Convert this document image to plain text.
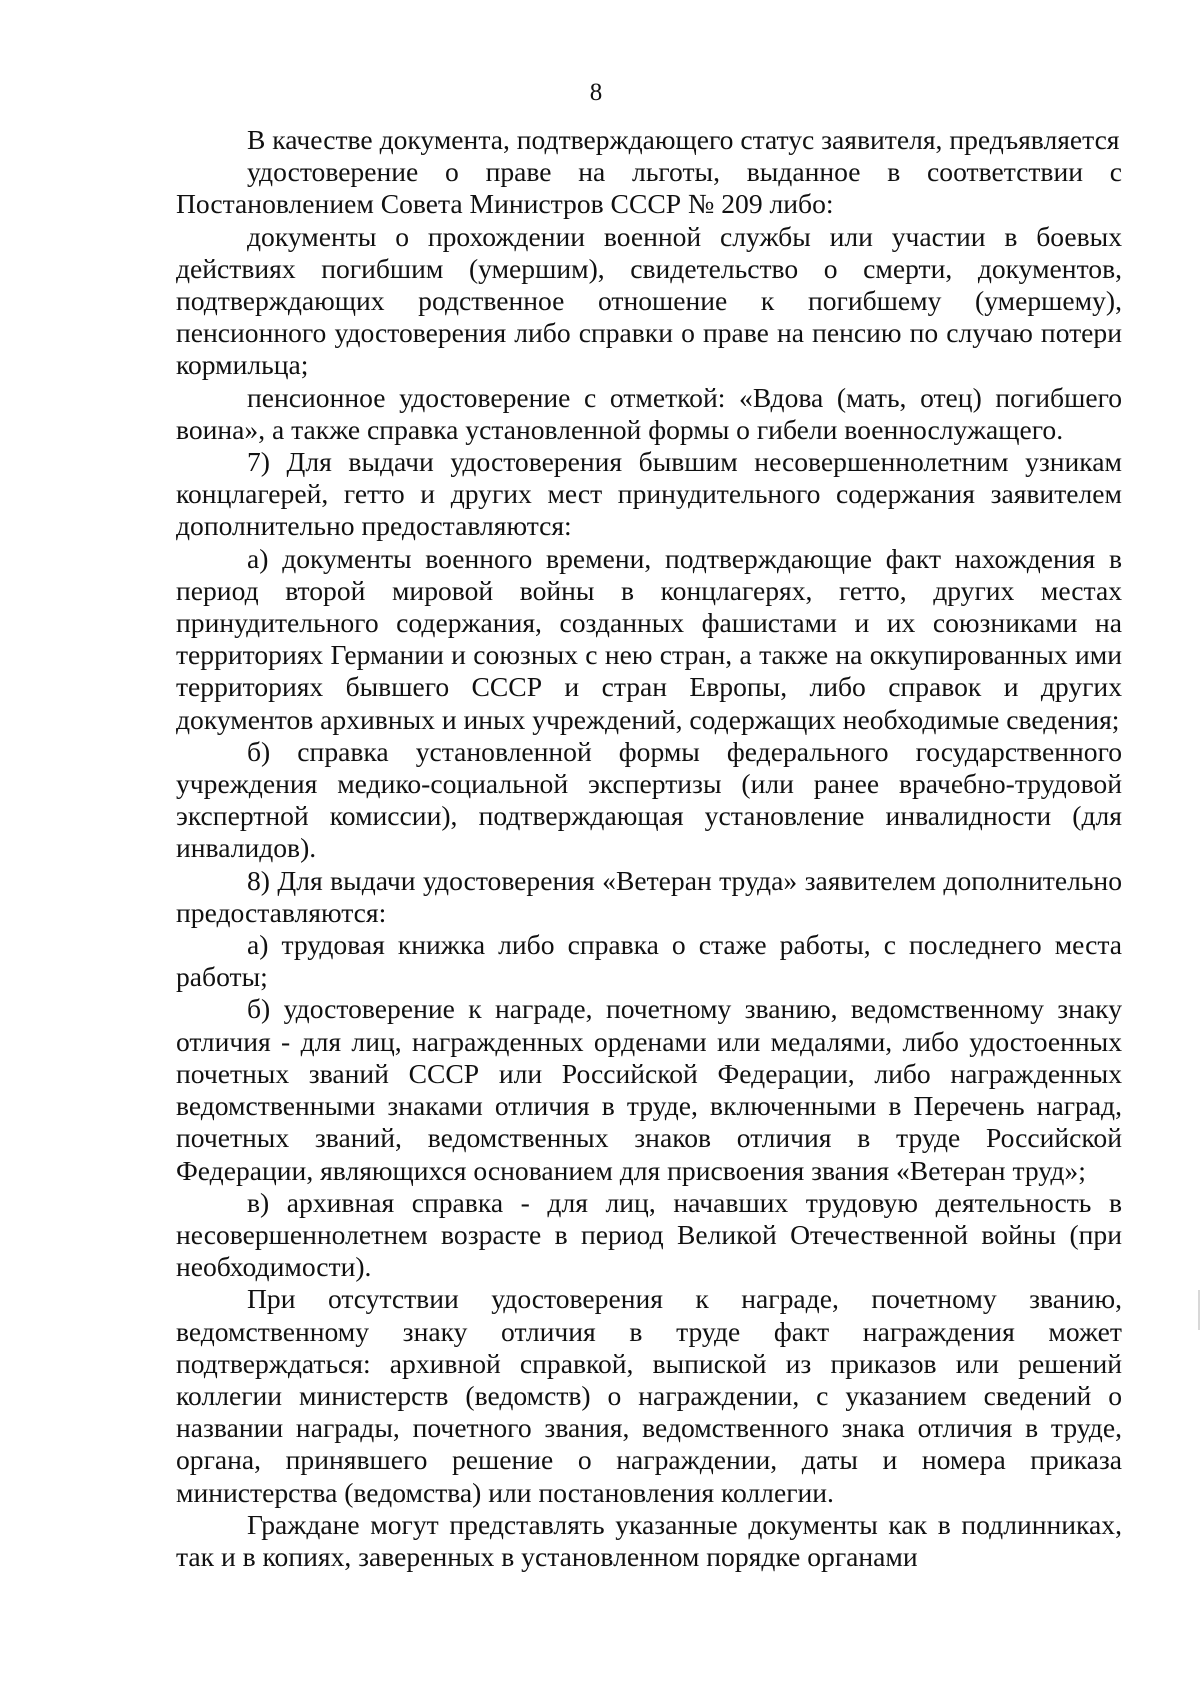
8

В качестве документа, подтверждающего статус заявителя, предъявляется

удостоверение о праве на льготы, выданное в соответствии с Постановлением Совета Министров СССР № 209 либо:

документы о прохождении военной службы или участии в боевых действиях погибшим (умершим), свидетельство о смерти, документов, подтверждающих родственное отношение к погибшему (умершему), пенсионного удостоверения либо справки о праве на пенсию по случаю потери кормильца;

пенсионное удостоверение с отметкой: «Вдова (мать, отец) погибшего воина», а также справка установленной формы о гибели военнослужащего.

7) Для выдачи удостоверения бывшим несовершеннолетним узникам концлагерей, гетто и других мест принудительного содержания заявителем дополнительно предоставляются:

а) документы военного времени, подтверждающие факт нахождения в период второй мировой войны в концлагерях, гетто, других местах принудительного содержания, созданных фашистами и их союзниками на территориях Германии и союзных с нею стран, а также на оккупированных ими территориях бывшего СССР и стран Европы, либо справок и других документов архивных и иных учреждений, содержащих необходимые сведения;

б) справка установленной формы федерального государственного учреждения медико-социальной экспертизы (или ранее врачебно-трудовой экспертной комиссии), подтверждающая установление инвалидности (для инвалидов).

8) Для выдачи удостоверения «Ветеран труда» заявителем дополнительно предоставляются:

а) трудовая книжка либо справка о стаже работы, с последнего места работы;

б) удостоверение к награде, почетному званию, ведомственному знаку отличия - для лиц, награжденных орденами или медалями, либо удостоенных почетных званий СССР или Российской Федерации, либо награжденных ведомственными знаками отличия в труде, включенными в Перечень наград, почетных званий, ведомственных знаков отличия в труде Российской Федерации, являющихся основанием для присвоения звания «Ветеран труд»;

в) архивная справка - для лиц, начавших трудовую деятельность в несовершеннолетнем возрасте в период Великой Отечественной войны (при необходимости).

При отсутствии удостоверения к награде, почетному званию, ведомственному знаку отличия в труде факт награждения может подтверждаться: архивной справкой, выпиской из приказов или решений коллегии министерств (ведомств) о награждении, с указанием сведений о названии награды, почетного звания, ведомственного знака отличия в труде, органа, принявшего решение о награждении, даты и номера приказа министерства (ведомства) или постановления коллегии.

Граждане могут представлять указанные документы как в подлинниках, так и в копиях, заверенных в установленном порядке органами
